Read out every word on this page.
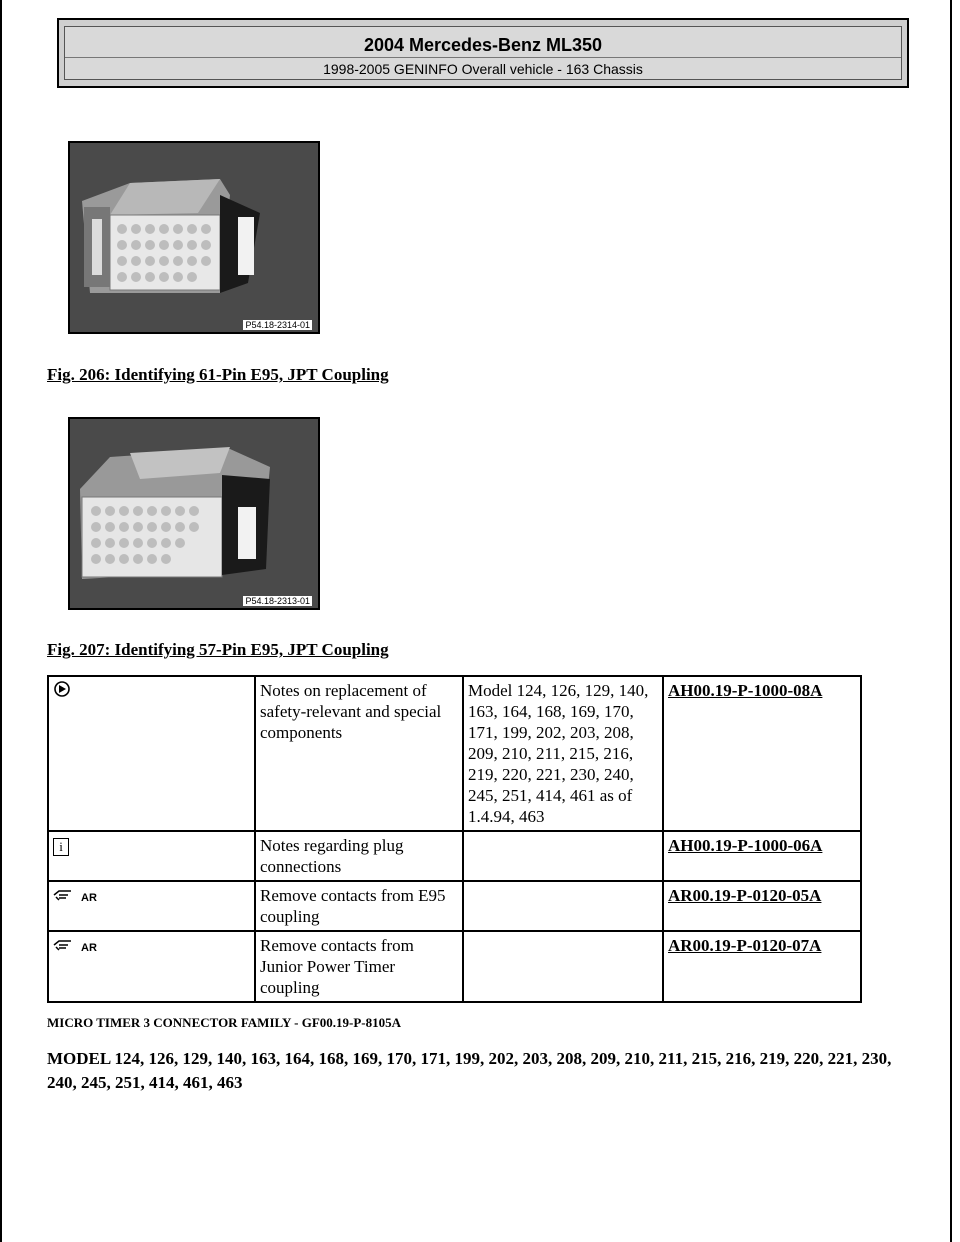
2004 Mercedes-Benz ML350
1998-2005 GENINFO Overall vehicle - 163 Chassis
P54.18-2314-01
Fig. 206: Identifying 61-Pin E95, JPT Coupling
P54.18-2313-01
Fig. 207: Identifying 57-Pin E95, JPT Coupling
	Notes on replacement of safety-relevant and special components	Model 124, 126, 129, 140, 163, 164, 168, 169, 170, 171, 199, 202, 203, 208, 209, 210, 211, 215, 216, 219, 220, 221, 230, 240, 245, 251, 414, 461 as of 1.4.94, 463	AH00.19-P-1000-08A
i	Notes regarding plug connections		AH00.19-P-1000-06A
AR	Remove contacts from E95 coupling		AR00.19-P-0120-05A
AR	Remove contacts from Junior Power Timer coupling		AR00.19-P-0120-07A
MICRO TIMER 3 CONNECTOR FAMILY - GF00.19-P-8105A
MODEL 124, 126, 129, 140, 163, 164, 168, 169, 170, 171, 199, 202, 203, 208, 209, 210, 211, 215, 216, 219, 220, 221, 230, 240, 245, 251, 414, 461, 463
